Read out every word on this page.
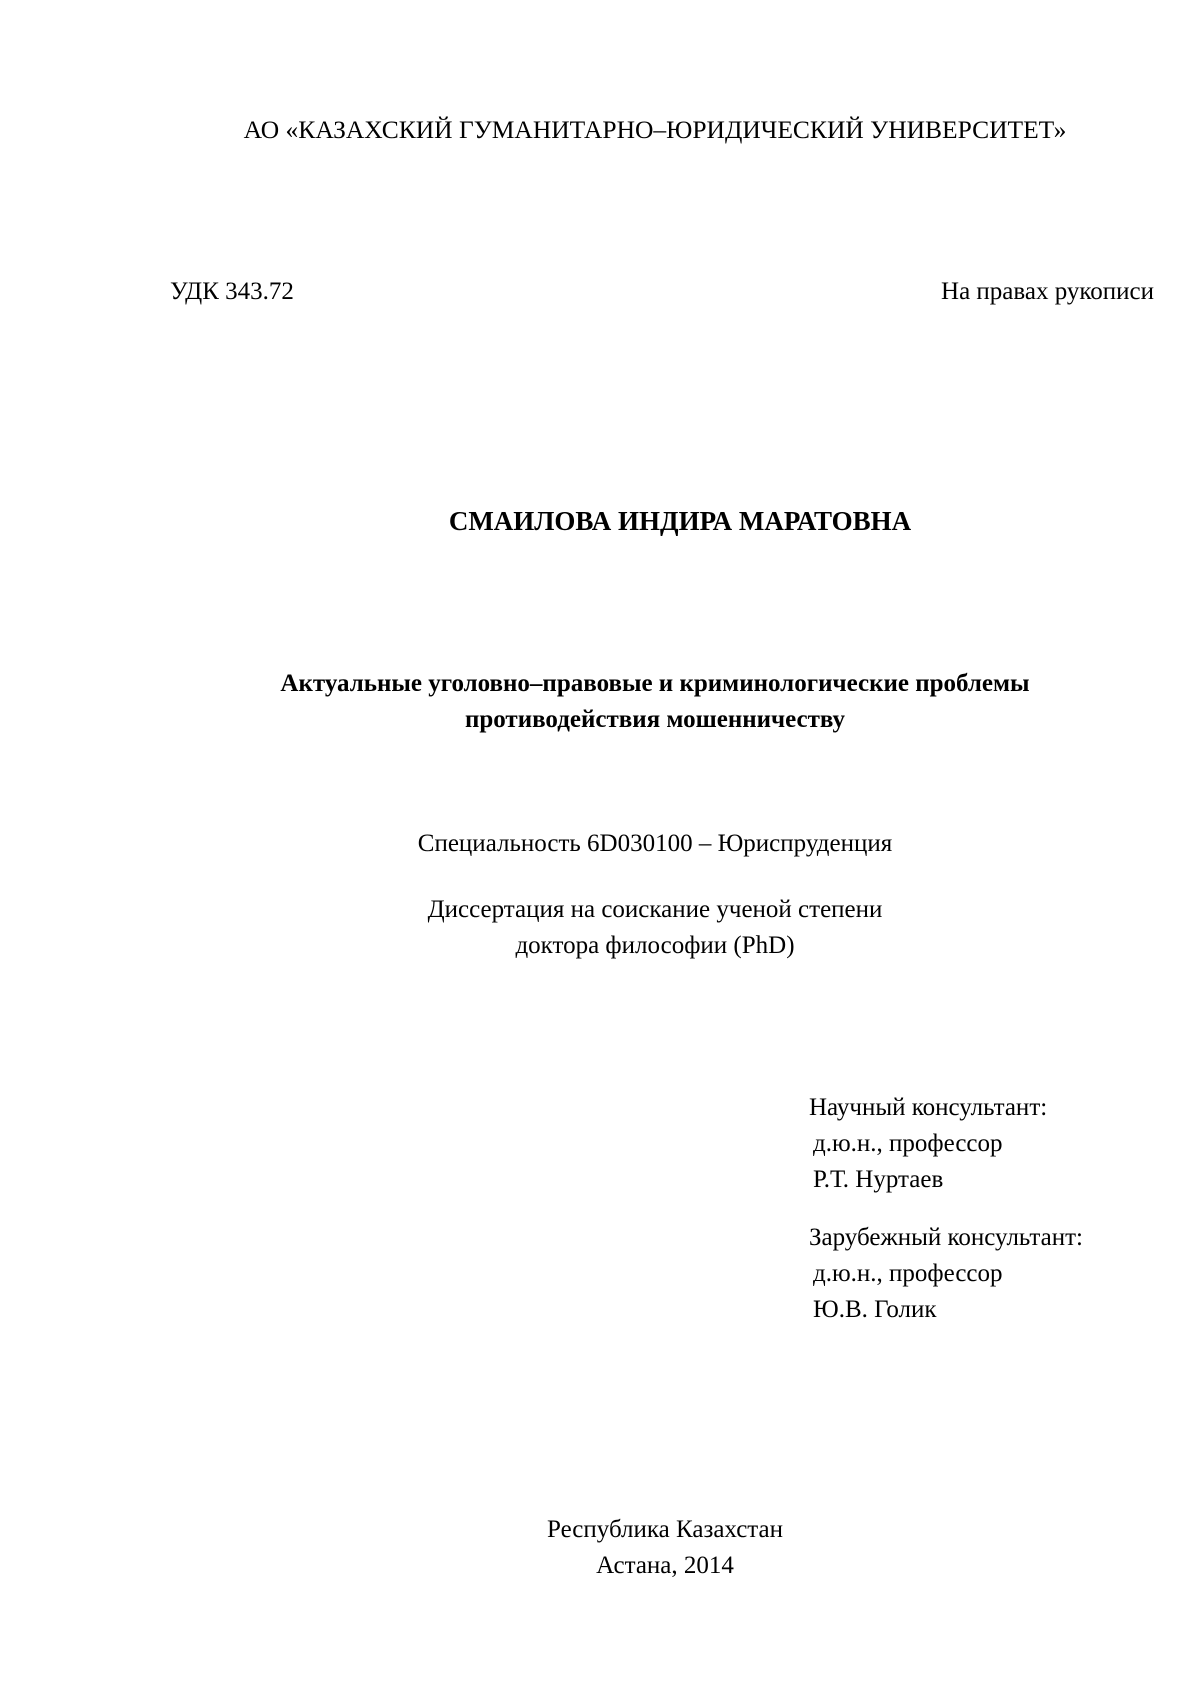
АО «КАЗАХСКИЙ ГУМАНИТАРНО–ЮРИДИЧЕСКИЙ УНИВЕРСИТЕТ»

УДК 343.72	На правах рукописи

СМАИЛОВА ИНДИРА МАРАТОВНА

Актуальные уголовно–правовые и криминологические проблемы

противодействия мошенничеству

Специальность 6D030100 – Юриспруденция

Диссертация на соискание ученой степени

доктора философии (PhD)

Научный консультант:

д.ю.н., профессор

Р.Т. Нуртаев

Зарубежный консультант:

д.ю.н., профессор

Ю.В. Голик

Республика Казахстан

Астана, 2014
